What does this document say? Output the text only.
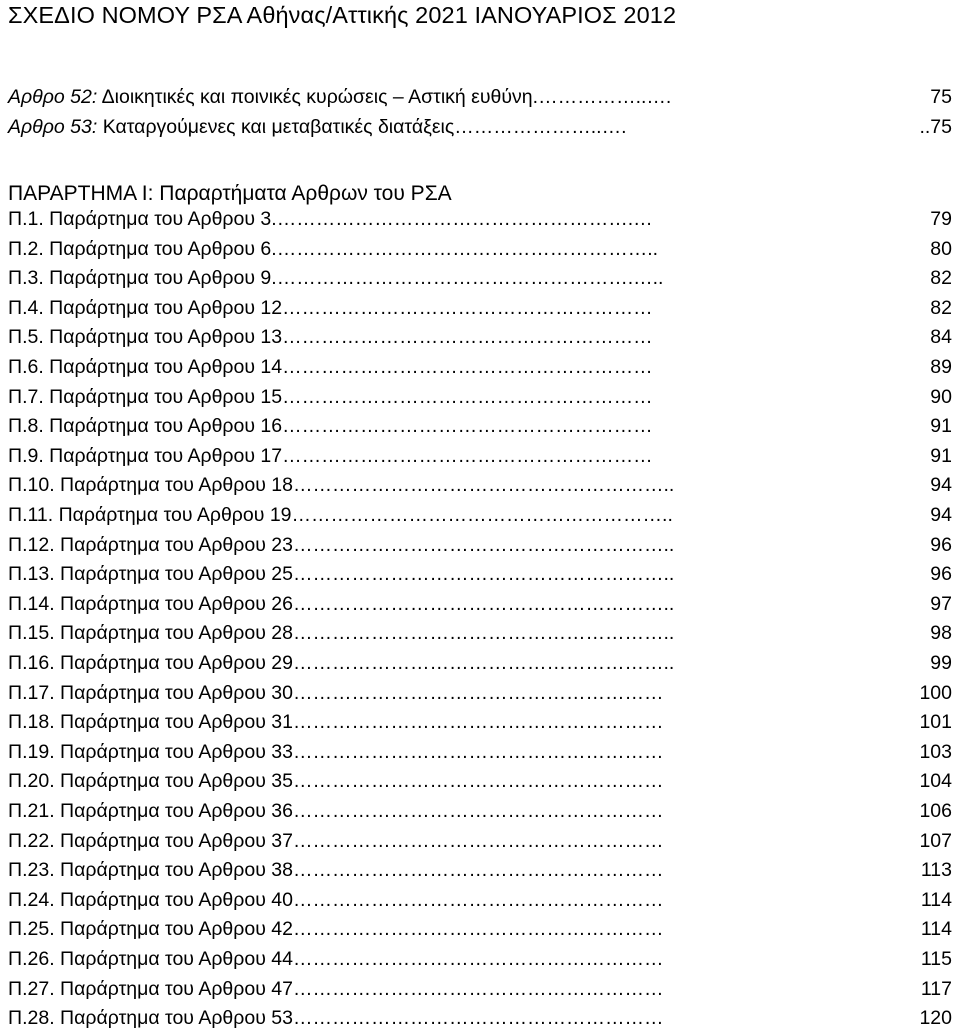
ΣΧΕΔΙΟ ΝΟΜΟΥ ΡΣΑ Αθήνας/Αττικής 2021 ΙΑΝΟΥΑΡΙΟΣ 2012
Αρθρο 52: Διοικητικές και ποινικές κυρώσεις – Αστική ευθύνη. ……………..….	75
Αρθρο 53: Καταργούμενες και μεταβατικές διατάξεις …………………..….	..75
ΠΑΡΑΡΤΗΜΑ Ι: Παραρτήματα Αρθρων του ΡΣΑ
Π.1. Παράρτημα του Αρθρου 3. ……………………………………………….…	79
Π.2. Παράρτημα του Αρθρου 6. …………………………………………………..	80
Π.3. Παράρτημα του Αρθρου 9. ……………………………………………….…..	82
Π.4. Παράρτημα του Αρθρου 12 …………………………………………………	82
Π.5. Παράρτημα του Αρθρου 13 …………………………………………………	84
Π.6. Παράρτημα του Αρθρου 14 …………………………………………………	89
Π.7. Παράρτημα του Αρθρου 15 …………………………………………………	90
Π.8. Παράρτημα του Αρθρου 16 …………………………………………………	91
Π.9. Παράρτημα του Αρθρου 17 …………………………………………………	91
Π.10. Παράρτημα του Αρθρου 18 …………………………………………………..	94
Π.11. Παράρτημα του Αρθρου 19 …………………………………………………..	94
Π.12. Παράρτημα του Αρθρου 23 …………………………………………………..	96
Π.13. Παράρτημα του Αρθρου 25 …………………………………………………..	96
Π.14. Παράρτημα του Αρθρου 26 …………………………………………………..	97
Π.15. Παράρτημα του Αρθρου 28 …………………………………………………..	98
Π.16. Παράρτημα του Αρθρου 29 …………………………………………………..	99
Π.17. Παράρτημα του Αρθρου 30 …………………………………………………	100
Π.18. Παράρτημα του Αρθρου 31 …………………………………………………	101
Π.19. Παράρτημα του Αρθρου 33 …………………………………………………	103
Π.20. Παράρτημα του Αρθρου 35 …………………………………………………	104
Π.21. Παράρτημα του Αρθρου 36 …………………………………………………	106
Π.22. Παράρτημα του Αρθρου 37 …………………………………………………	107
Π.23. Παράρτημα του Αρθρου 38 …………………………………………………	113
Π.24. Παράρτημα του Αρθρου 40 …………………………………………………	114
Π.25. Παράρτημα του Αρθρου 42 …………………………………………………	114
Π.26. Παράρτημα του Αρθρου 44 …………………………………………………	115
Π.27. Παράρτημα του Αρθρου 47 …………………………………………………	117
Π.28. Παράρτημα του Αρθρου 53 …………………………………………………	120
